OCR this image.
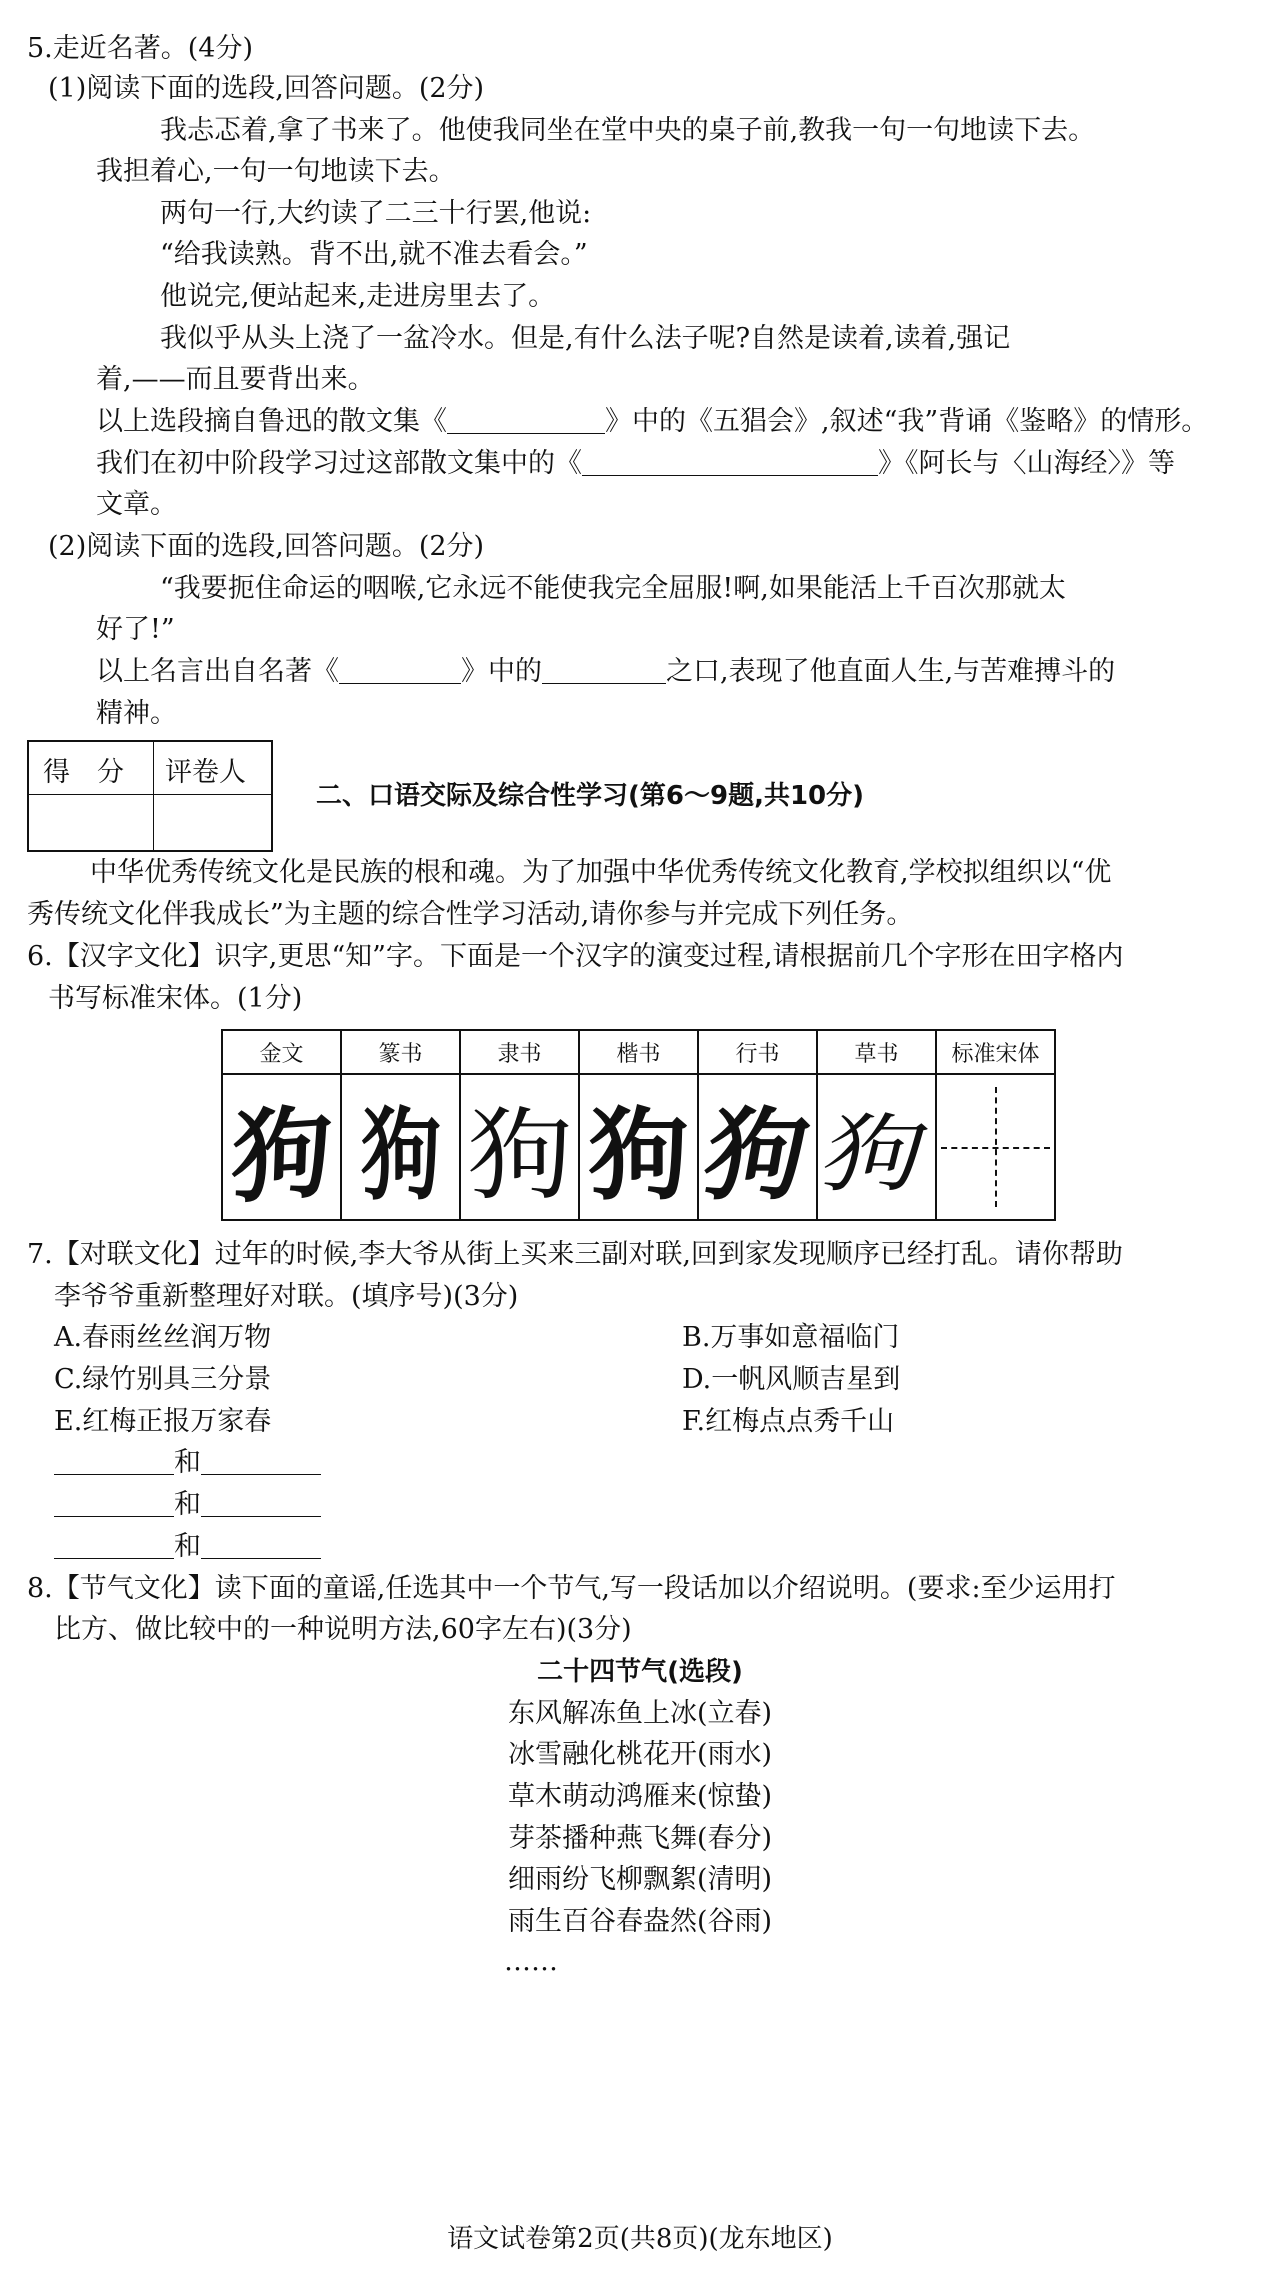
5.走近名著。(4分)
(1)阅读下面的选段,回答问题。(2分)
我忐忑着,拿了书来了。他使我同坐在堂中央的桌子前,教我一句一句地读下去。
我担着心,一句一句地读下去。
两句一行,大约读了二三十行罢,他说:
“给我读熟。背不出,就不准去看会。”
他说完,便站起来,走进房里去了。
我似乎从头上浇了一盆冷水。但是,有什么法子呢?自然是读着,读着,强记
着,——而且要背出来。
以上选段摘自鲁迅的散文集《	》中的《五猖会》,叙述“我”背诵《鉴略》的情形。
我们在初中阶段学习过这部散文集中的《	》《阿长与〈山海经〉》等
文章。
(2)阅读下面的选段,回答问题。(2分)
“我要扼住命运的咽喉,它永远不能使我完全屈服!啊,如果能活上千百次那就太
好了!”
以上名言出自名著《	》中的	之口,表现了他直面人生,与苦难搏斗的
精神。
得　分 评卷人
二、口语交际及综合性学习(第6～9题,共10分)
中华优秀传统文化是民族的根和魂。为了加强中华优秀传统文化教育,学校拟组织以“优
秀传统文化伴我成长”为主题的综合性学习活动,请你参与并完成下列任务。
6.【汉字文化】识字,更思“知”字。下面是一个汉字的演变过程,请根据前几个字形在田字格内
书写标准宋体。(1分)
金文	篆书	隶书	楷书	行书	草书	标准宋体
狗	狗	狗	狗	狗	狗	
7.【对联文化】过年的时候,李大爷从街上买来三副对联,回到家发现顺序已经打乱。请你帮助
李爷爷重新整理好对联。(填序号)(3分)
A.春雨丝丝润万物	B.万事如意福临门
C.绿竹别具三分景	D.一帆风顺吉星到
E.红梅正报万家春	F.红梅点点秀千山
和
和
和
8.【节气文化】读下面的童谣,任选其中一个节气,写一段话加以介绍说明。(要求:至少运用打
比方、做比较中的一种说明方法,60字左右)(3分)
二十四节气(选段)
东风解冻鱼上冰(立春)
冰雪融化桃花开(雨水)
草木萌动鸿雁来(惊蛰)
芽茶播种燕飞舞(春分)
细雨纷飞柳飘絮(清明)
雨生百谷春盎然(谷雨)
……
语文试卷第2页(共8页)(龙东地区)
